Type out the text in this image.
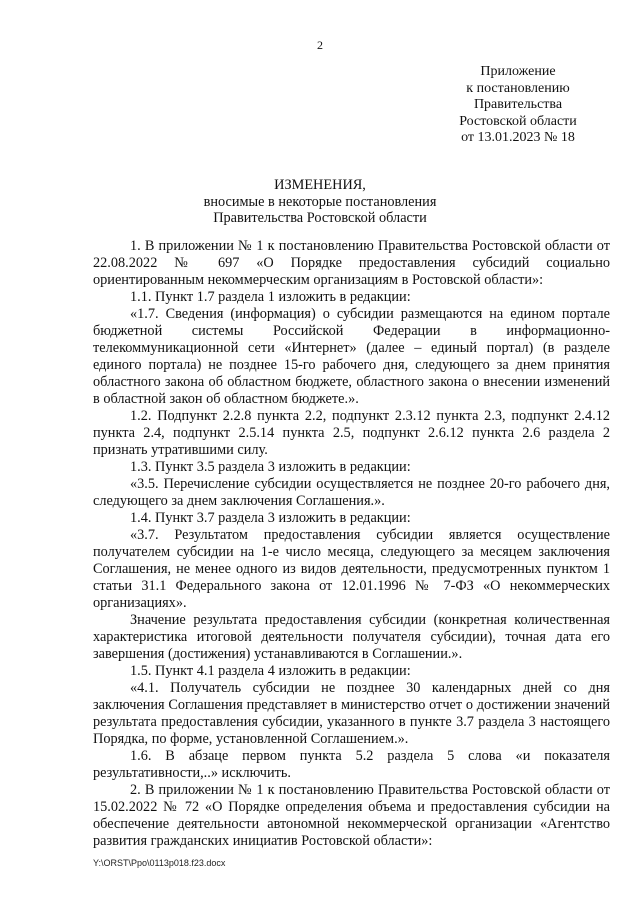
2
Приложение
к постановлению
Правительства
Ростовской области
от 13.01.2023 № 18
ИЗМЕНЕНИЯ,
вносимые в некоторые постановления
Правительства Ростовской области

1. В приложении № 1 к постановлению Правительства Ростовской области от 22.08.2022 № 697 «О Порядке предоставления субсидий социально ориентированным некоммерческим организациям в Ростовской области»:

1.1. Пункт 1.7 раздела 1 изложить в редакции:

«1.7. Сведения (информация) о субсидии размещаются на едином портале бюджетной системы Российской Федерации в информационно-телекоммуникационной сети «Интернет» (далее – единый портал) (в разделе единого портала) не позднее 15-го рабочего дня, следующего за днем принятия областного закона об областном бюджете, областного закона о внесении изменений в областной закон об областном бюджете.».

1.2. Подпункт 2.2.8 пункта 2.2, подпункт 2.3.12 пункта 2.3, подпункт 2.4.12 пункта 2.4, подпункт 2.5.14 пункта 2.5, подпункт 2.6.12 пункта 2.6 раздела 2 признать утратившими силу.

1.3. Пункт 3.5 раздела 3 изложить в редакции:

«3.5. Перечисление субсидии осуществляется не позднее 20-го рабочего дня, следующего за днем заключения Соглашения.».

1.4. Пункт 3.7 раздела 3 изложить в редакции:

«3.7. Результатом предоставления субсидии является осуществление получателем субсидии на 1-е число месяца, следующего за месяцем заключения Соглашения, не менее одного из видов деятельности, предусмотренных пунктом 1 статьи 31.1 Федерального закона от 12.01.1996 № 7-ФЗ «О некоммерческих организациях».

Значение результата предоставления субсидии (конкретная количественная характеристика итоговой деятельности получателя субсидии), точная дата его завершения (достижения) устанавливаются в Соглашении.».

1.5. Пункт 4.1 раздела 4 изложить в редакции:

«4.1. Получатель субсидии не позднее 30 календарных дней со дня заключения Соглашения представляет в министерство отчет о достижении значений результата предоставления субсидии, указанного в пункте 3.7 раздела 3 настоящего Порядка, по форме, установленной Соглашением.».

1.6. В абзаце первом пункта 5.2 раздела 5 слова «и показателя результативности,..» исключить.

2. В приложении № 1 к постановлению Правительства Ростовской области от 15.02.2022 № 72 «О Порядке определения объема и предоставления субсидии на обеспечение деятельности автономной некоммерческой организации «Агентство развития гражданских инициатив Ростовской области»:

Y:\ORST\Ppo\0113p018.f23.docx
